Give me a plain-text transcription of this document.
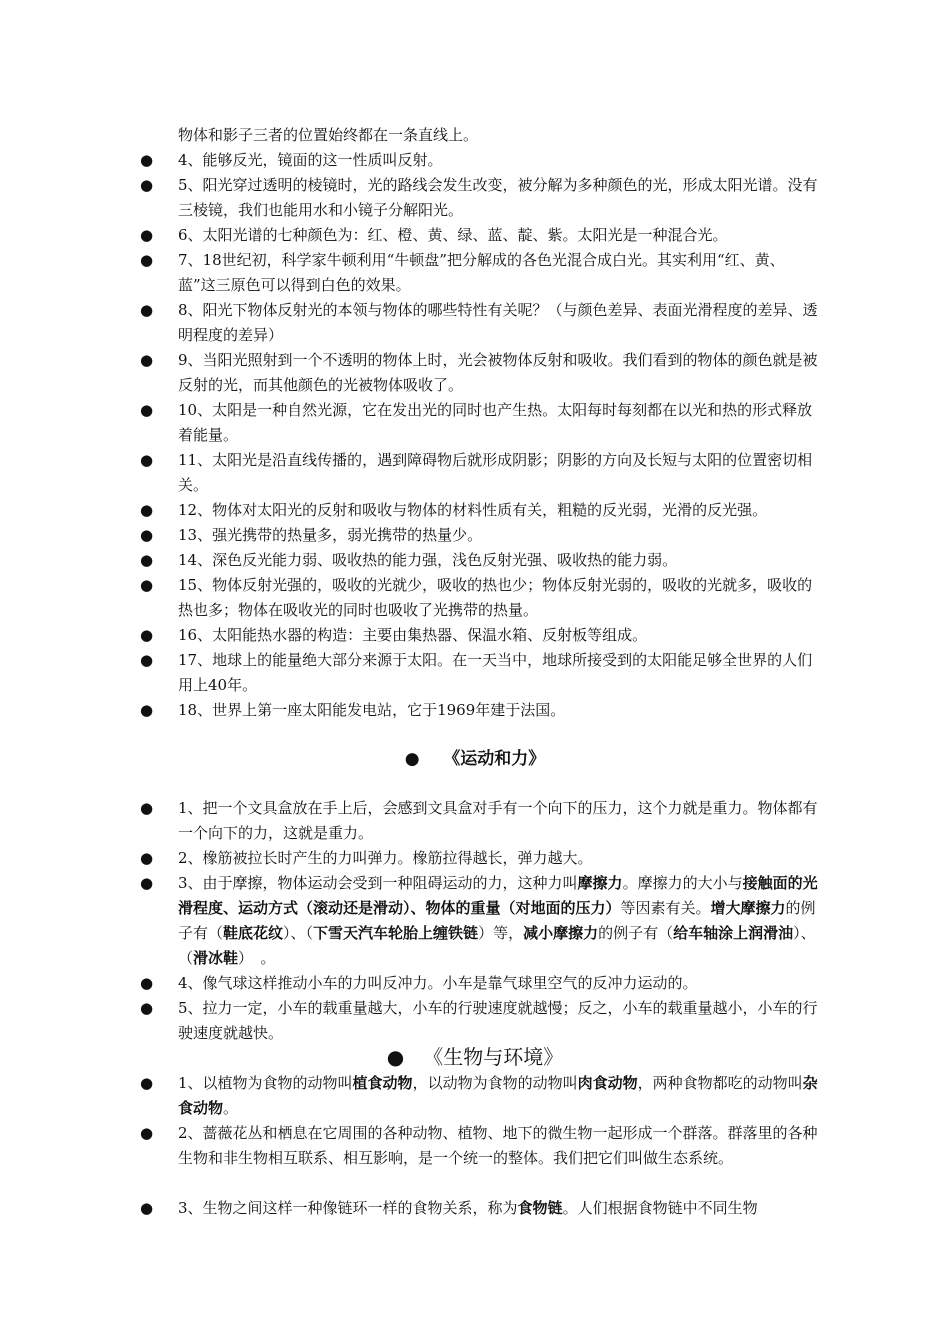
物体和影子三者的位置始终都在一条直线上。
●
4、能够反光，镜面的这一性质叫反射。
●
5、阳光穿过透明的棱镜时，光的路线会发生改变，被分解为多种颜色的光，形成太阳光谱。没有三棱镜，我们也能用水和小镜子分解阳光。
●
6、太阳光谱的七种颜色为：红、橙、黄、绿、蓝、靛、紫。太阳光是一种混合光。
●
7、18世纪初，科学家牛顿利用“牛顿盘”把分解成的各色光混合成白光。其实利用“红、黄、蓝”这三原色可以得到白色的效果。
●
8、阳光下物体反射光的本领与物体的哪些特性有关呢？（与颜色差异、表面光滑程度的差异、透明程度的差异）
●
9、当阳光照射到一个不透明的物体上时，光会被物体反射和吸收。我们看到的物体的颜色就是被反射的光，而其他颜色的光被物体吸收了。
●
10、太阳是一种自然光源，它在发出光的同时也产生热。太阳每时每刻都在以光和热的形式释放着能量。
●
11、太阳光是沿直线传播的，遇到障碍物后就形成阴影；阴影的方向及长短与太阳的位置密切相关。
●
12、物体对太阳光的反射和吸收与物体的材料性质有关，粗糙的反光弱，光滑的反光强。
●
13、强光携带的热量多，弱光携带的热量少。
●
14、深色反光能力弱、吸收热的能力强，浅色反射光强、吸收热的能力弱。
●
15、物体反射光强的，吸收的光就少，吸收的热也少；物体反射光弱的，吸收的光就多，吸收的热也多；物体在吸收光的同时也吸收了光携带的热量。
●
16、太阳能热水器的构造：主要由集热器、保温水箱、反射板等组成。
●
17、地球上的能量绝大部分来源于太阳。在一天当中，地球所接受到的太阳能足够全世界的人们用上40年。
●
18、世界上第一座太阳能发电站，它于1969年建于法国。
●     《运动和力》
●
1、把一个文具盒放在手上后，会感到文具盒对手有一个向下的压力，这个力就是重力。物体都有一个向下的力，这就是重力。
●
2、橡筋被拉长时产生的力叫弹力。橡筋拉得越长，弹力越大。
●
3、由于摩擦，物体运动会受到一种阻碍运动的力，这种力叫摩擦力。摩擦力的大小与接触面的光滑程度、运动方式（滚动还是滑动）、物体的重量（对地面的压力）等因素有关。增大摩擦力的例子有（鞋底花纹）、（下雪天汽车轮胎上缠铁链）等，减小摩擦力的例子有（给车轴涂上润滑油）、（滑冰鞋）　。
●
4、像气球这样推动小车的力叫反冲力。小车是靠气球里空气的反冲力运动的。
●
5、拉力一定，小车的载重量越大，小车的行驶速度就越慢；反之，小车的载重量越小，小车的行驶速度就越快。
●    《生物与环境》
●
1、以植物为食物的动物叫植食动物，以动物为食物的动物叫肉食动物，两种食物都吃的动物叫杂食动物。
●
2、蔷薇花丛和栖息在它周围的各种动物、植物、地下的微生物一起形成一个群落。群落里的各种生物和非生物相互联系、相互影响，是一个统一的整体。我们把它们叫做生态系统。
●
3、生物之间这样一种像链环一样的食物关系，称为食物链。人们根据食物链中不同生物
